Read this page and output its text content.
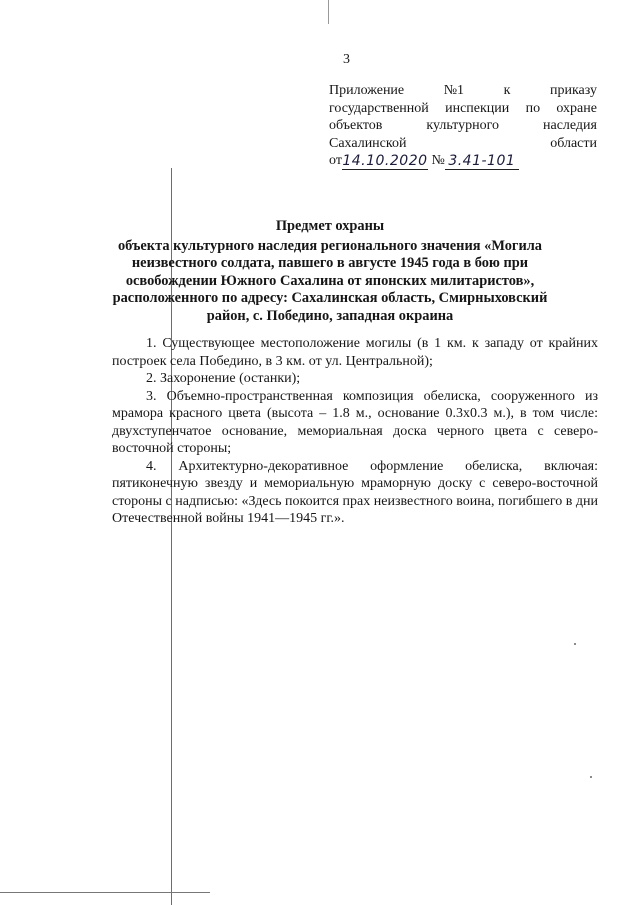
3
Приложение	№1	к	приказу
государственной инспекции по охране
объектов	культурного	наследия
Сахалинской	области
от14.10.2020 № 3.41-101
Предмет охраны
объекта культурного наследия регионального значения «Могила
неизвестного солдата, павшего в августе 1945 года в бою при
освобождении Южного Сахалина от японских милитаристов»,
расположенного по адресу: Сахалинская область, Смирныховский
район, с. Победино, западная окраина

1. Существующее местоположение могилы (в 1 км. к западу от крайних построек села Победино, в 3 км. от ул. Центральной);

2. Захоронение (останки);

3. Объемно-пространственная композиция обелиска, сооруженного из мрамора красного цвета (высота – 1.8 м., основание 0.3х0.3 м.), в том числе: двухступенчатое основание, мемориальная доска черного цвета с северо-восточной стороны;

4. Архитектурно-декоративное оформление обелиска, включая: пятиконечную звезду и мемориальную мраморную доску с северо-восточной стороны с надписью: «Здесь покоится прах неизвестного воина, погибшего в дни Отечественной войны 1941—1945 гг.».
